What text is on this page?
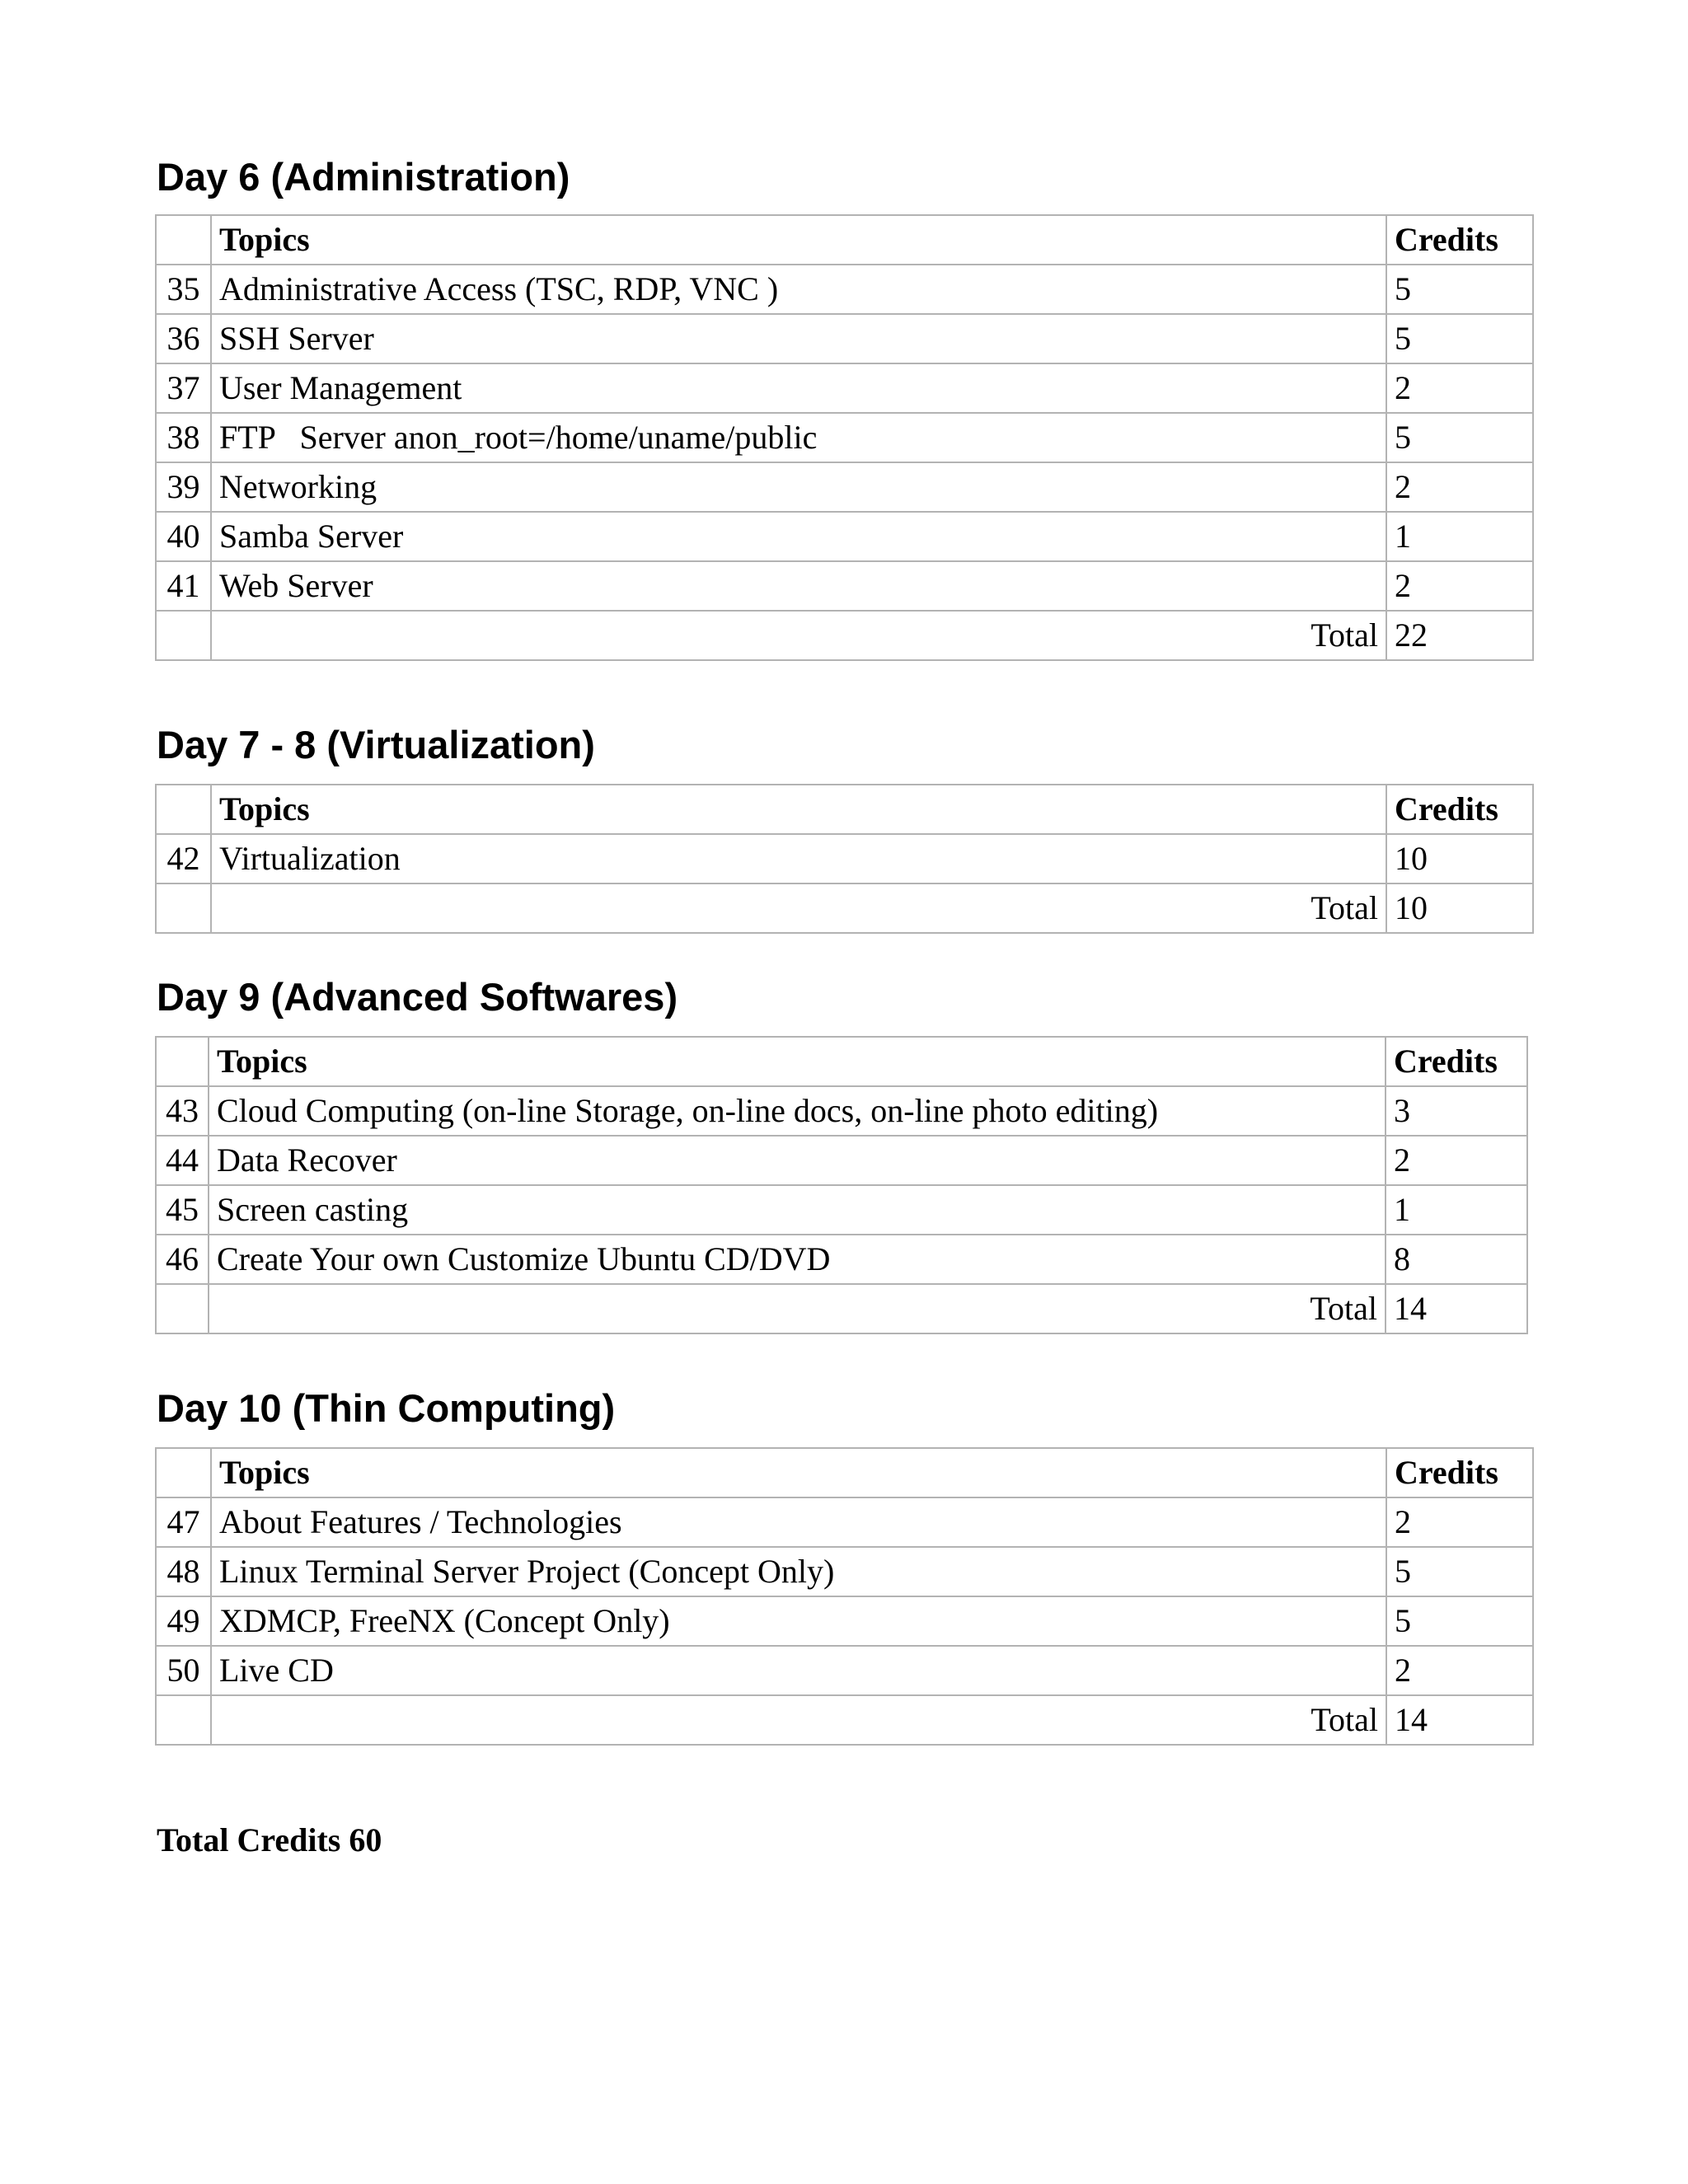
Day 6 (Administration)
	Topics	Credits
35	Administrative Access (TSC, RDP, VNC )	5
36	SSH Server	5
37	User Management	2
38	FTP   Server anon_root=/home/uname/public	5
39	Networking	2
40	Samba Server	1
41	Web Server	2
	Total	22
Day 7 - 8 (Virtualization)
	Topics	Credits
42	Virtualization	10
	Total	10
Day 9 (Advanced Softwares)
	Topics	Credits
43	Cloud Computing (on-line Storage, on-line docs, on-line photo editing)	3
44	Data Recover	2
45	Screen casting	1
46	Create Your own Customize Ubuntu CD/DVD	8
	Total	14
Day 10 (Thin Computing)
	Topics	Credits
47	About Features / Technologies	2
48	Linux Terminal Server Project (Concept Only)	5
49	XDMCP, FreeNX (Concept Only)	5
50	Live CD	2
	Total	14

Total Credits 60
